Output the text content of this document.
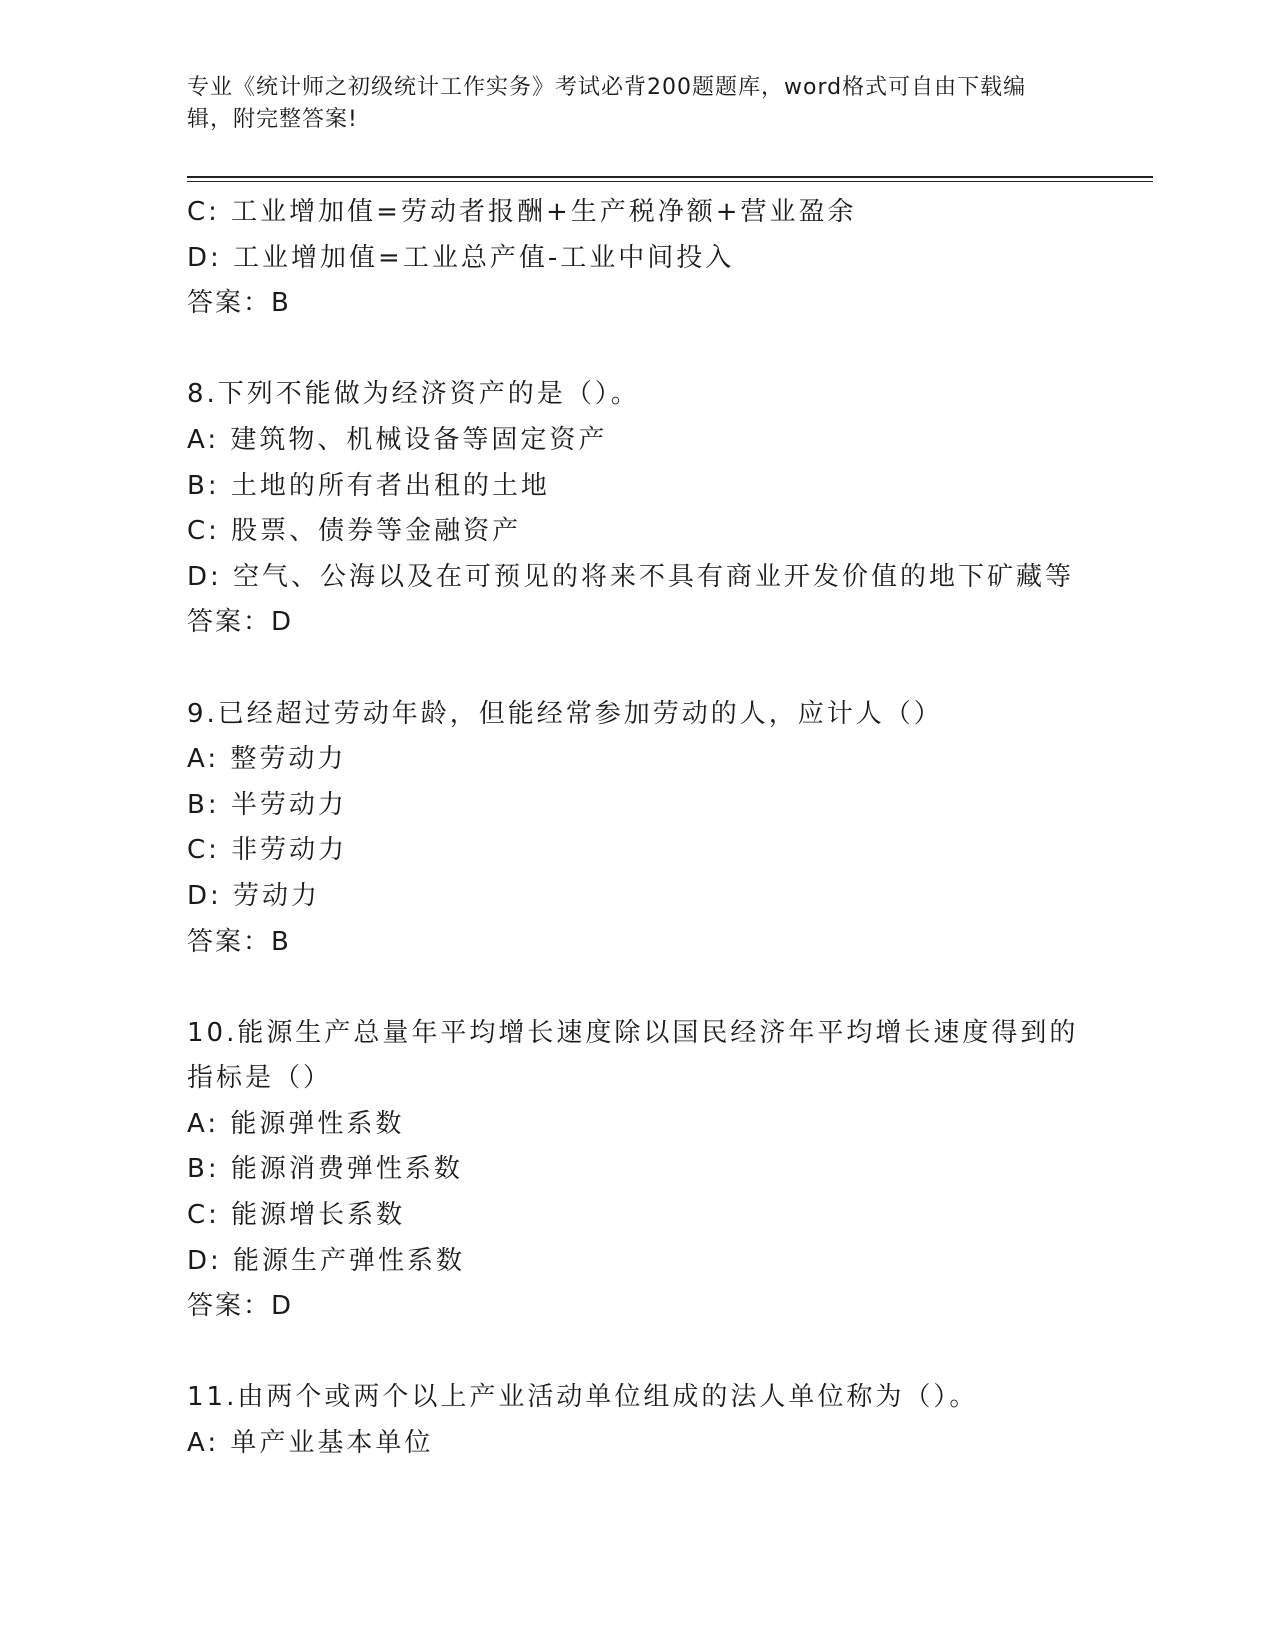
专业《统计师之初级统计工作实务》考试必背200题题库，word格式可自由下载编辑，附完整答案!
C: 工业增加值=劳动者报酬+生产税净额+营业盈余
D: 工业增加值=工业总产值-工业中间投入
答案：B
8.下列不能做为经济资产的是（）。
A: 建筑物、机械设备等固定资产
B: 土地的所有者出租的土地
C: 股票、债券等金融资产
D: 空气、公海以及在可预见的将来不具有商业开发价值的地下矿藏等
答案：D
9.已经超过劳动年龄，但能经常参加劳动的人，应计人（）
A: 整劳动力
B: 半劳动力
C: 非劳动力
D: 劳动力
答案：B
10.能源生产总量年平均增长速度除以国民经济年平均增长速度得到的
指标是（）
A: 能源弹性系数
B: 能源消费弹性系数
C: 能源增长系数
D: 能源生产弹性系数
答案：D
11.由两个或两个以上产业活动单位组成的法人单位称为（）。
A: 单产业基本单位
